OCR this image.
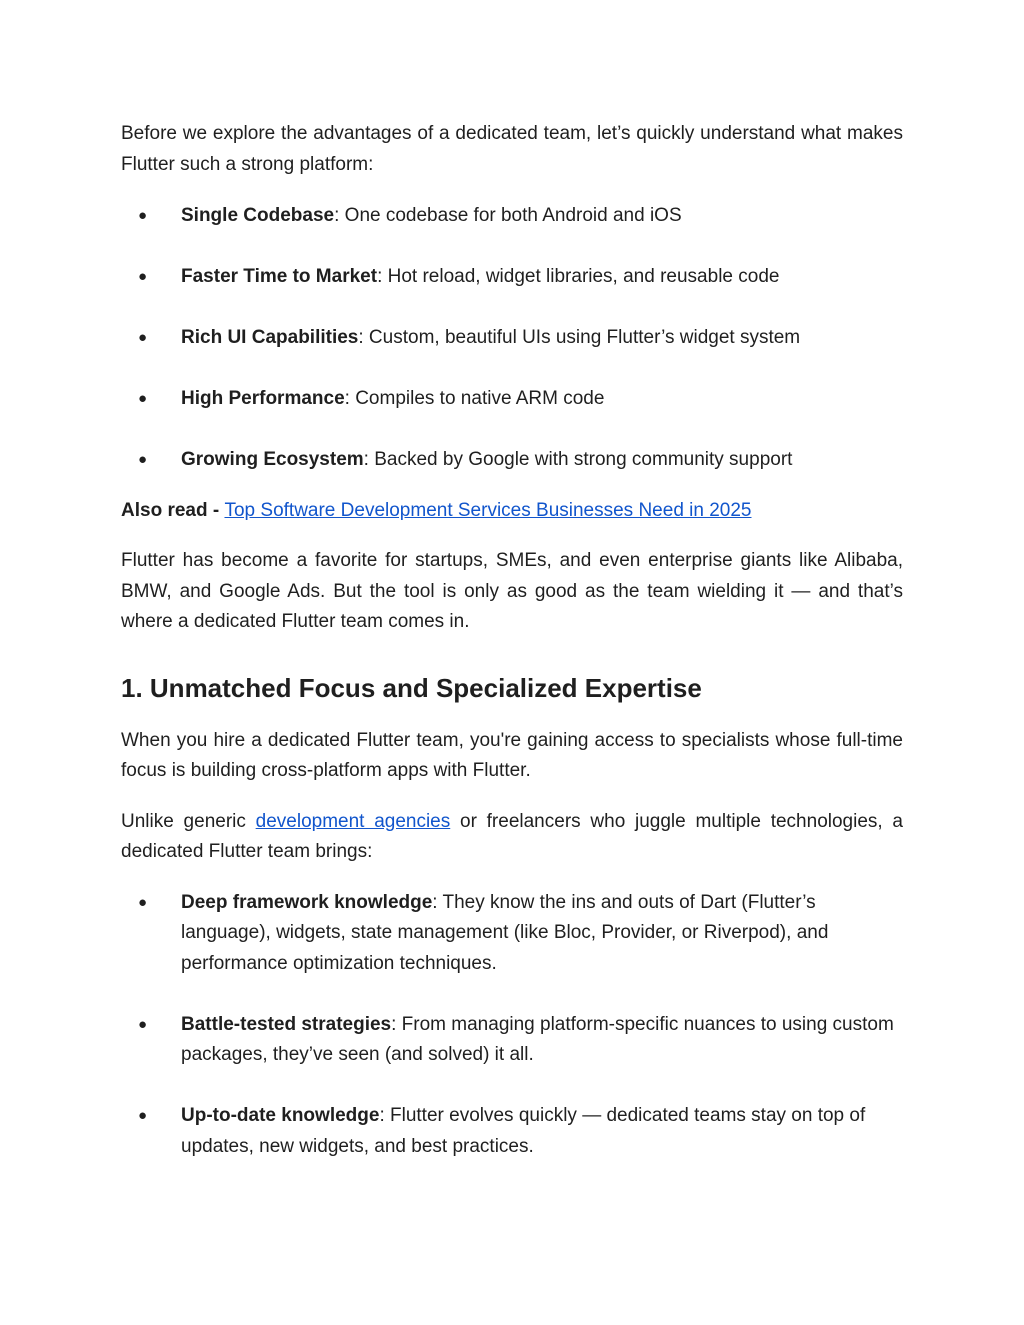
Before we explore the advantages of a dedicated team, let’s quickly understand what makes Flutter such a strong platform:

● Single Codebase: One codebase for both Android and iOS
● Faster Time to Market: Hot reload, widget libraries, and reusable code
● Rich UI Capabilities: Custom, beautiful UIs using Flutter’s widget system
● High Performance: Compiles to native ARM code
● Growing Ecosystem: Backed by Google with strong community support

Also read - Top Software Development Services Businesses Need in 2025

Flutter has become a favorite for startups, SMEs, and even enterprise giants like Alibaba, BMW, and Google Ads. But the tool is only as good as the team wielding it — and that’s where a dedicated Flutter team comes in.

1. Unmatched Focus and Specialized Expertise

When you hire a dedicated Flutter team, you're gaining access to specialists whose full-time focus is building cross-platform apps with Flutter.

Unlike generic development agencies or freelancers who juggle multiple technologies, a dedicated Flutter team brings:

● Deep framework knowledge: They know the ins and outs of Dart (Flutter’s language), widgets, state management (like Bloc, Provider, or Riverpod), and performance optimization techniques.
● Battle-tested strategies: From managing platform-specific nuances to using custom packages, they’ve seen (and solved) it all.
● Up-to-date knowledge: Flutter evolves quickly — dedicated teams stay on top of updates, new widgets, and best practices.
